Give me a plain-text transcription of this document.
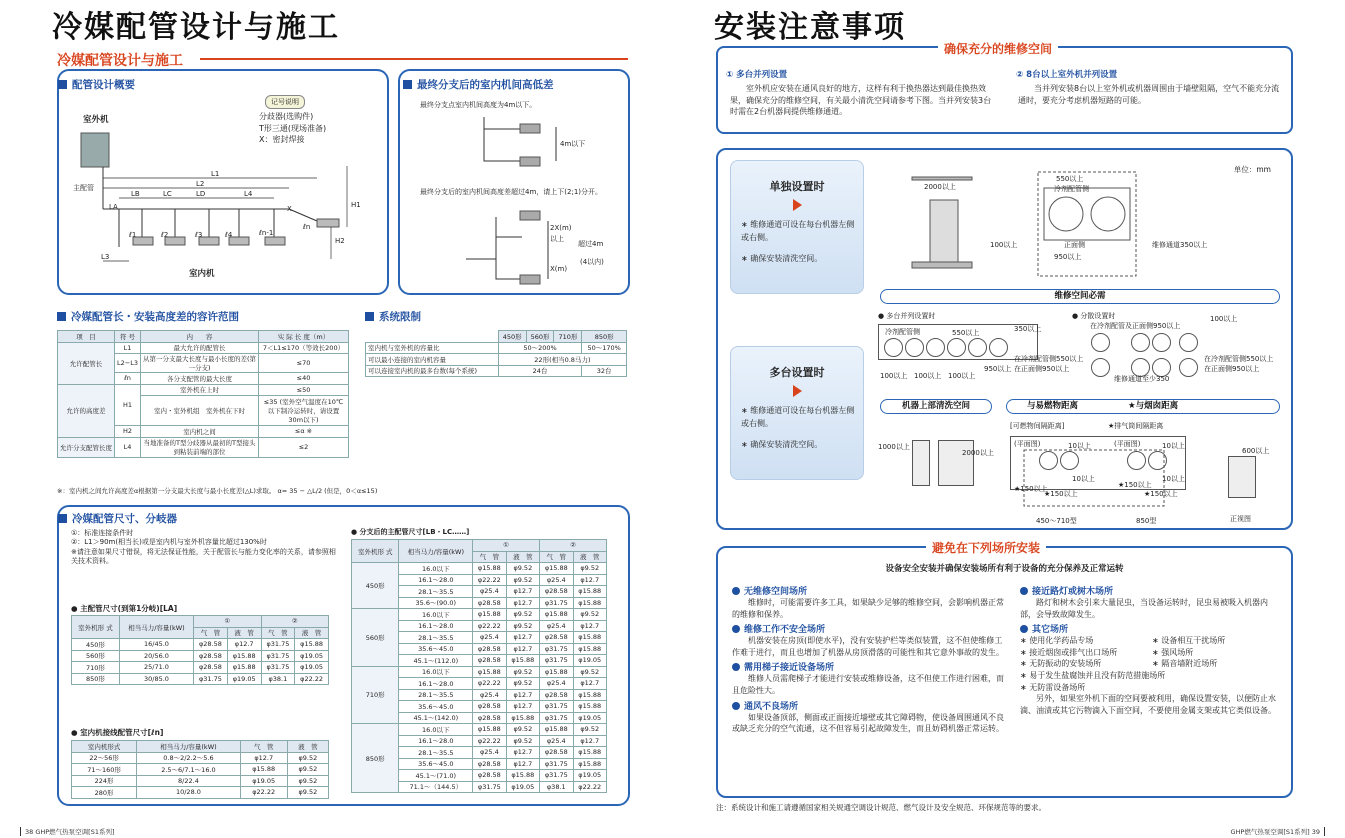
冷媒配管设计与施工
冷媒配管设计与施工
配管设计概要
记号说明
分歧器(选购件)
T形三通(现场准备)
X：密封焊接
室外机
主配管
室内机
L1
L2
LB	LC	LD	L4
LA
L3
H1
H2
X
ℓ1	ℓ2	ℓ3	ℓ4	ℓn-1
ℓn
最终分支后的室内机间高低差
最终分支点室内机间高度为4m以下。
最终分支后的室内机间高度差超过4m，请上下(2;1)分开。
4m以下
2X(m)
以上
超过4m
X(m)
(4以内)
冷媒配管长・安装高度差的容许范围
项　目	符 号	内　　容	实 际 长 度（m）
允许配管长	L1	最大允许的配管长	7＜L1≤170（等效长200）
	L2−L3	从第一分支最大长度与最小长度的差(第一分支)	≤70
	ℓn	各分支配管的最大长度	≤40
允许的高度差	H1	室外机在上时	≤50
		室内・室外机组　室外机在下时	≤35 (室外空气温度在10℃以下制冷运转时，请设置30m以下)
	H2	室内机之间	≤α ※
允许分支配管长度	L4	当地准备的T型分歧器从最初的T型接头到粘装前端的部位	≤2
※：室内机之间允许高度差α根据第一分支最大长度与最小长度差(△L)求取。 α= 35 − △L/2 (但是，0＜α≤15)
系统限制
	450形	560形	710形	850形
室内机与室外机的容量比	50～200%			50～170%
可以最小连接的室内机容量	22形(相当0.8马力)			
可以连接室内机的最多台数(每个系统)	24台			32台
冷媒配管尺寸、分岐器
①：标准连接条件时
②：L1＞90m(相当长)或是室内机与室外机容量比超过130%时
※请注意如果尺寸错误，将无法保证性能，关于配管长与能力变化率的关系，请参照相关技术资料。
● 主配管尺寸(到第1分岐)[LA]
室外机形 式	相当马力/容量(kW)	①		②	
		气　管	液　管	气　管	液　管
450形	16/45.0	φ28.58	φ12.7	φ31.75	φ15.88
560形	20/56.0	φ28.58	φ15.88	φ31.75	φ19.05
710形	25/71.0	φ28.58	φ15.88	φ31.75	φ19.05
850形	30/85.0	φ31.75	φ19.05	φ38.1	φ22.22
● 室内机接线配管尺寸[ℓn]
室内机形式	相当马力/容量(kW)	气　管	液　管
22～56形	0.8～2/2.2～5.6	φ12.7	φ9.52
71～160形	2.5～6/7.1～16.0	φ15.88	φ9.52
224形	8/22.4	φ19.05	φ9.52
280形	10/28.0	φ22.22	φ9.52
● 分支后的主配管尺寸[LB・LC……]
室外机形 式	相当马力/容量(kW)	①		②	
		气　管	液　管	气　管	液　管
450形	16.0以下	φ15.88	φ9.52	φ15.88	φ9.52
	16.1～28.0	φ22.22	φ9.52	φ25.4	φ12.7
	28.1～35.5	φ25.4	φ12.7	φ28.58	φ15.88
	35.6～(90.0)	φ28.58	φ12.7	φ31.75	φ15.88
560形	16.0以下	φ15.88	φ9.52	φ15.88	φ9.52
	16.1～28.0	φ22.22	φ9.52	φ25.4	φ12.7
	28.1～35.5	φ25.4	φ12.7	φ28.58	φ15.88
	35.6～45.0	φ28.58	φ12.7	φ31.75	φ15.88
	45.1～(112.0)	φ28.58	φ15.88	φ31.75	φ19.05
710形	16.0以下	φ15.88	φ9.52	φ15.88	φ9.52
	16.1～28.0	φ22.22	φ9.52	φ25.4	φ12.7
	28.1～35.5	φ25.4	φ12.7	φ28.58	φ15.88
	35.6～45.0	φ28.58	φ12.7	φ31.75	φ15.88
	45.1～(142.0)	φ28.58	φ15.88	φ31.75	φ19.05
850形	16.0以下	φ15.88	φ9.52	φ15.88	φ9.52
	16.1～28.0	φ22.22	φ9.52	φ25.4	φ12.7
	28.1～35.5	φ25.4	φ12.7	φ28.58	φ15.88
	35.6～45.0	φ28.58	φ12.7	φ31.75	φ15.88
	45.1～(71.0)	φ28.58	φ15.88	φ31.75	φ19.05
	71.1～（144.5）	φ31.75	φ19.05	φ38.1	φ22.22
38 GHP燃气热泵空调[S1系列]
安装注意事项
确保充分的维修空间
① 多台并列设置
室外机应安装在通风良好的地方，这样有利于换热器达到最佳换热效果，确保充分的维修空间，有关最小清洗空间请参考下图。当并列安装3台时需在2台机器间提供维修通道。
② 8台以上室外机并列设置
当并列安装8台以上室外机或机器周围由于墙壁阻隔，空气不能充分流通时，要充分考虑机器短路的可能。
单位：mm
单独设置时
∗ 维修通道可设在每台机器左侧或右侧。
∗ 确保安装清洗空间。
多台设置时
∗ 维修通道可设在每台机器左侧或右侧。
∗ 确保安装清洗空间。
2000以上
550以上
冷剂配管侧
正面侧
100以上	维修通道350以上
950以上
维修空间必需
● 多台并列设置时	● 分散设置时
冷剂配管侧	550以上	350以上
100以上 100以上 100以上
950以上

在冷剂配管及正面侧950以上
100以上
在冷剂配管侧550以上
在正面侧950以上
在冷剂配管侧550以上
在正面侧950以上
维修通道至少350
机器上部清洗空间	与易燃物距离	★与烟囱距离
1000以上
2000以上
[可燃物间隔距离]	★排气筒间隔距离
(平面图)	(平面图)
10以上	10以上
10以上	10以上
★150以上
★150以上
★150以上
★150以上
600以上
450～710型	850型	正视图
避免在下列场所安装
设备安全安装并确保安装场所有利于设备的充分保养及正常运转
无维修空间场所
维修时，可能需要许多工具，如果缺少足够的维修空间，会影响机器正常的维修和保养。
维修工作不安全场所
机器安装在房顶(即使水平)，没有安装护栏等类似装置，这不但使维修工作难于进行，而且也增加了机器从房顶滑落的可能性和其它意外事故的发生。
需用梯子接近设备场所
维修人员需爬梯子才能进行安装或维修设备，这不但使工作进行困难，而且危险性大。
通风不良场所
如果设备顶部，侧面或正面接近墙壁或其它障碍物，使设备周围通风不良或缺乏充分的空气流通，这不但容易引起故障发生，而且妨碍机器正常运转。
接近路灯或树木场所
路灯和树木会引来大量昆虫，当设备运转时，昆虫易被吸入机器内部，会导致故障发生。
其它场所
∗ 使用化学药品专场	∗ 设备相互干扰场所
∗ 接近烟囱或排气出口场所	∗ 强风场所
∗ 无防振动的安装场所	∗ 隔音墙附近场所
∗ 易于发生盐腐蚀并且没有防范措施场所
∗ 无防雷设备场所
另外，如果室外机下面的空间要被利用，确保设置安装，以便防止水滴、油渍或其它污物滴入下面空间，不要使用金属支架或其它类似设备。
注：系统设计和施工请遵循国家相关规通空调设计规范、燃气设计及安全规范、环保规范等的要求。
GHP燃气热泵空调[S1系列] 39
